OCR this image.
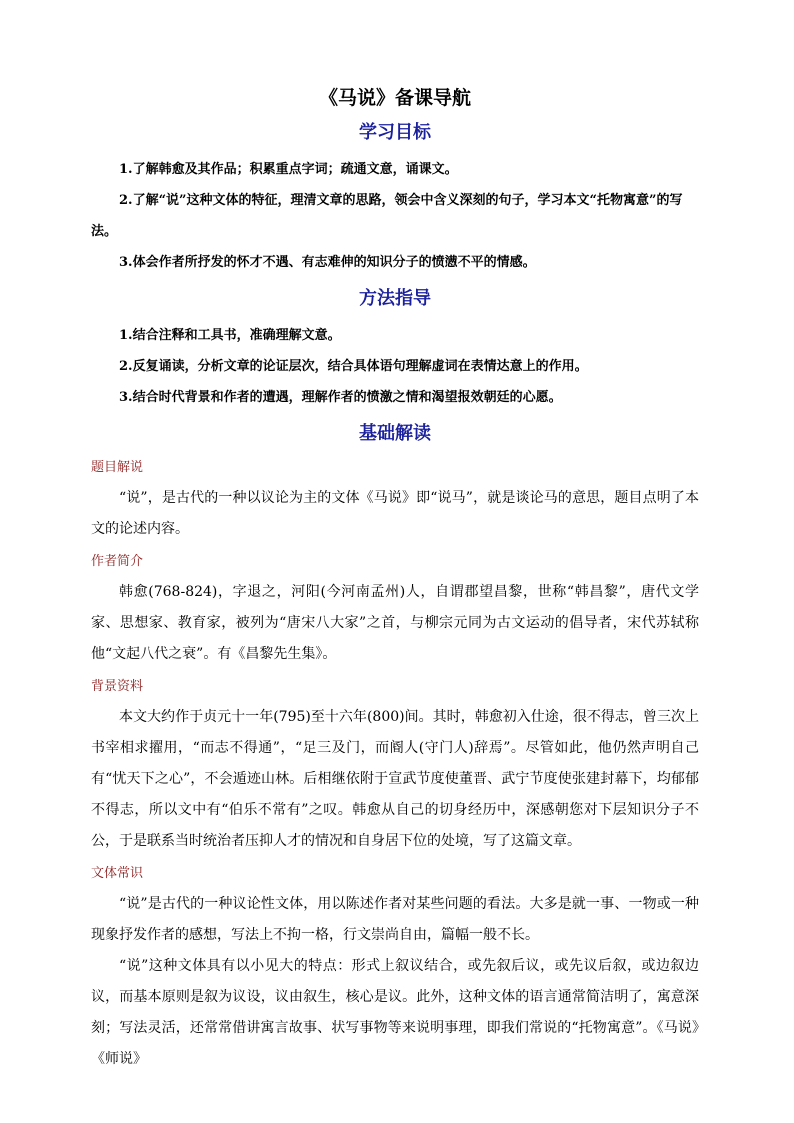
《马说》备课导航
学习目标

1.了解韩愈及其作品；积累重点字词；疏通文意，诵课文。

2.了解“说”这种文体的特征，理清文章的思路，领会中含义深刻的句子，学习本文“托物寓意”的写法。

3.体会作者所抒发的怀才不遇、有志难伸的知识分子的愤懑不平的情感。

方法指导

1.结合注释和工具书，准确理解文意。

2.反复诵读，分析文章的论证层次，结合具体语句理解虚词在表情达意上的作用。

3.结合时代背景和作者的遭遇，理解作者的愤激之情和渴望报效朝廷的心愿。

基础解读
题目解说

“说”，是古代的一种以议论为主的文体《马说》即“说马”，就是谈论马的意思，题目点明了本文的论述内容。

作者简介

韩愈(768-824)，字退之，河阳(今河南孟州)人，自谓郡望昌黎，世称“韩昌黎”，唐代文学家、思想家、教育家，被列为“唐宋八大家”之首，与柳宗元同为古文运动的倡导者，宋代苏轼称他“文起八代之衰”。有《昌黎先生集》。

背景资料

本文大约作于贞元十一年(795)至十六年(800)间。其时，韩愈初入仕途，很不得志，曾三次上书宰相求擢用，“而志不得通”，“足三及门，而阍人(守门人)辞焉”。尽管如此，他仍然声明自己有“忧天下之心”，不会遁迹山林。后相继依附于宣武节度使董晋、武宁节度使张建封幕下，均郁郁不得志，所以文中有“伯乐不常有”之叹。韩愈从自己的切身经历中，深感朝您对下层知识分子不公，于是联系当时统治者压抑人才的情况和自身居下位的处境，写了这篇文章。

文体常识

“说”是古代的一种议论性文体，用以陈述作者对某些问题的看法。大多是就一事、一物或一种现象抒发作者的感想，写法上不拘一格，行文崇尚自由，篇幅一般不长。

“说”这种文体具有以小见大的特点：形式上叙议结合，或先叙后议，或先议后叙，或边叙边议，而基本原则是叙为议设，议由叙生，核心是议。此外，这种文体的语言通常简洁明了，寓意深刻；写法灵活，还常常借讲寓言故事、状写事物等来说明事理，即我们常说的“托物寓意”。《马说》《师说》
